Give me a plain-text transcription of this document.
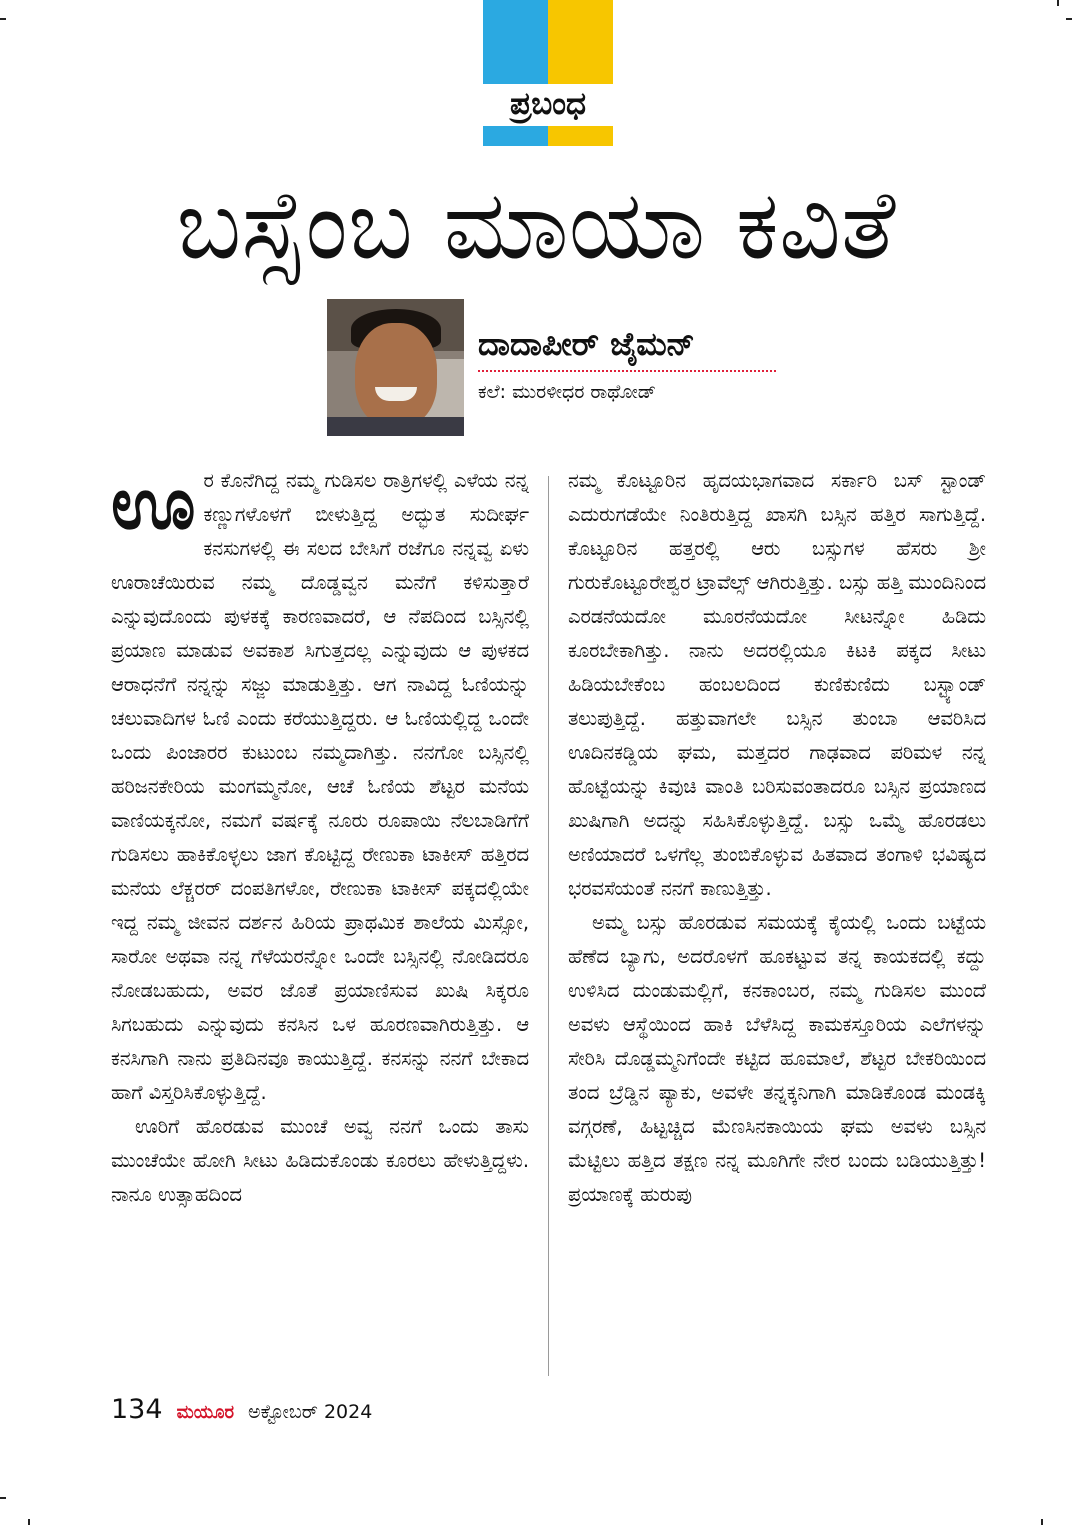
ಪ್ರಬಂಧ
ಬಸ್ಸೆಂಬ ಮಾಯಾ ಕವಿತೆ
ದಾದಾಪೀರ್ ಜೈಮನ್
ಕಲೆ: ಮುರಳೀಧರ ರಾಥೋಡ್

ಊರ ಕೊನೆಗಿದ್ದ ನಮ್ಮ ಗುಡಿಸಲ ರಾತ್ರಿಗಳಲ್ಲಿ ಎಳೆಯ ನನ್ನ ಕಣ್ಣುಗಳೊಳಗೆ ಬೀಳುತ್ತಿದ್ದ ಅದ್ಭುತ ಸುದೀರ್ಘ ಕನಸುಗಳಲ್ಲಿ ಈ ಸಲದ ಬೇಸಿಗೆ ರಜೆಗೂ ನನ್ನವ್ವ ಏಳು ಊರಾಚೆಯಿರುವ ನಮ್ಮ ದೊಡ್ಡವ್ವನ ಮನೆಗೆ ಕಳಿಸುತ್ತಾರೆ ಎನ್ನುವುದೊಂದು ಪುಳಕಕ್ಕೆ ಕಾರಣವಾದರೆ, ಆ ನೆಪದಿಂದ ಬಸ್ಸಿನಲ್ಲಿ ಪ್ರಯಾಣ ಮಾಡುವ ಅವಕಾಶ ಸಿಗುತ್ತದಲ್ಲ ಎನ್ನುವುದು ಆ ಪುಳಕದ ಆರಾಧನೆಗೆ ನನ್ನನ್ನು ಸಜ್ಜು ಮಾಡುತ್ತಿತ್ತು. ಆಗ ನಾವಿದ್ದ ಓಣಿಯನ್ನು ಚಲುವಾದಿಗಳ ಓಣಿ ಎಂದು ಕರೆಯುತ್ತಿದ್ದರು. ಆ ಓಣಿಯಲ್ಲಿದ್ದ ಒಂದೇ ಒಂದು ಪಿಂಜಾರರ ಕುಟುಂಬ ನಮ್ಮದಾಗಿತ್ತು. ನನಗೋ ಬಸ್ಸಿನಲ್ಲಿ ಹರಿಜನಕೇರಿಯ ಮಂಗಮ್ಮನೋ, ಆಚೆ ಓಣಿಯ ಶೆಟ್ಟರ ಮನೆಯ ವಾಣಿಯಕ್ಕನೋ, ನಮಗೆ ವರ್ಷಕ್ಕೆ ನೂರು ರೂಪಾಯಿ ನೆಲಬಾಡಿಗೆಗೆ ಗುಡಿಸಲು ಹಾಕಿಕೊಳ್ಳಲು ಜಾಗ ಕೊಟ್ಟಿದ್ದ ರೇಣುಕಾ ಟಾಕೀಸ್ ಹತ್ತಿರದ ಮನೆಯ ಲೆಕ್ಚರರ್ ದಂಪತಿಗಳೋ, ರೇಣುಕಾ ಟಾಕೀಸ್ ಪಕ್ಕದಲ್ಲಿಯೇ ಇದ್ದ ನಮ್ಮ ಜೀವನ ದರ್ಶನ ಹಿರಿಯ ಪ್ರಾಥಮಿಕ ಶಾಲೆಯ ಮಿಸ್ಸೋ, ಸಾರೋ ಅಥವಾ ನನ್ನ ಗೆಳೆಯರನ್ನೋ ಒಂದೇ ಬಸ್ಸಿನಲ್ಲಿ ನೋಡಿದರೂ ನೋಡಬಹುದು, ಅವರ ಜೊತೆ ಪ್ರಯಾಣಿಸುವ ಖುಷಿ ಸಿಕ್ಕರೂ ಸಿಗಬಹುದು ಎನ್ನುವುದು ಕನಸಿನ ಒಳ ಹೂರಣವಾಗಿರುತ್ತಿತ್ತು. ಆ ಕನಸಿಗಾಗಿ ನಾನು ಪ್ರತಿದಿನವೂ ಕಾಯುತ್ತಿದ್ದೆ. ಕನಸನ್ನು ನನಗೆ ಬೇಕಾದ ಹಾಗೆ ವಿಸ್ತರಿಸಿಕೊಳ್ಳುತ್ತಿದ್ದೆ.

ಊರಿಗೆ ಹೊರಡುವ ಮುಂಚೆ ಅವ್ವ ನನಗೆ ಒಂದು ತಾಸು ಮುಂಚೆಯೇ ಹೋಗಿ ಸೀಟು ಹಿಡಿದುಕೊಂಡು ಕೂರಲು ಹೇಳುತ್ತಿದ್ದಳು. ನಾನೂ ಉತ್ಸಾಹದಿಂದ

ನಮ್ಮ ಕೊಟ್ಟೂರಿನ ಹೃದಯಭಾಗವಾದ ಸರ್ಕಾರಿ ಬಸ್ ಸ್ಟಾಂಡ್ ಎದುರುಗಡೆಯೇ ನಿಂತಿರುತ್ತಿದ್ದ ಖಾಸಗಿ ಬಸ್ಸಿನ ಹತ್ತಿರ ಸಾಗುತ್ತಿದ್ದೆ. ಕೊಟ್ಟೂರಿನ ಹತ್ತರಲ್ಲಿ ಆರು ಬಸ್ಸುಗಳ ಹೆಸರು ಶ್ರೀ ಗುರುಕೊಟ್ಟೂರೇಶ್ವರ ಟ್ರಾವೆಲ್ಸ್ ಆಗಿರುತ್ತಿತ್ತು. ಬಸ್ಸು ಹತ್ತಿ ಮುಂದಿನಿಂದ ಎರಡನೆಯದೋ ಮೂರನೆಯದೋ ಸೀಟನ್ನೋ ಹಿಡಿದು ಕೂರಬೇಕಾಗಿತ್ತು. ನಾನು ಅದರಲ್ಲಿಯೂ ಕಿಟಕಿ ಪಕ್ಕದ ಸೀಟು ಹಿಡಿಯಬೇಕೆಂಬ ಹಂಬಲದಿಂದ ಕುಣಿಕುಣಿದು ಬಸ್ಟ್ಯಾಂಡ್ ತಲುಪುತ್ತಿದ್ದೆ. ಹತ್ತುವಾಗಲೇ ಬಸ್ಸಿನ ತುಂಬಾ ಆವರಿಸಿದ ಊದಿನಕಡ್ಡಿಯ ಘಮ, ಮತ್ತದರ ಗಾಢವಾದ ಪರಿಮಳ ನನ್ನ ಹೊಟ್ಟೆಯನ್ನು ಕಿವುಚಿ ವಾಂತಿ ಬರಿಸುವಂತಾದರೂ ಬಸ್ಸಿನ ಪ್ರಯಾಣದ ಖುಷಿಗಾಗಿ ಅದನ್ನು ಸಹಿಸಿಕೊಳ್ಳುತ್ತಿದ್ದೆ. ಬಸ್ಸು ಒಮ್ಮೆ ಹೊರಡಲು ಅಣಿಯಾದರೆ ಒಳಗೆಲ್ಲ ತುಂಬಿಕೊಳ್ಳುವ ಹಿತವಾದ ತಂಗಾಳಿ ಭವಿಷ್ಯದ ಭರವಸೆಯಂತೆ ನನಗೆ ಕಾಣುತ್ತಿತ್ತು.

ಅಮ್ಮ ಬಸ್ಸು ಹೊರಡುವ ಸಮಯಕ್ಕೆ ಕೈಯಲ್ಲಿ ಒಂದು ಬಟ್ಟೆಯ ಹೆಣೆದ ಬ್ಯಾಗು, ಅದರೊಳಗೆ ಹೂಕಟ್ಟುವ ತನ್ನ ಕಾಯಕದಲ್ಲಿ ಕದ್ದು ಉಳಿಸಿದ ದುಂಡುಮಲ್ಲಿಗೆ, ಕನಕಾಂಬರ, ನಮ್ಮ ಗುಡಿಸಲ ಮುಂದೆ ಅವಳು ಆಸ್ಥೆಯಿಂದ ಹಾಕಿ ಬೆಳೆಸಿದ್ದ ಕಾಮಕಸ್ತೂರಿಯ ಎಲೆಗಳನ್ನು ಸೇರಿಸಿ ದೊಡ್ಡಮ್ಮನಿಗೆಂದೇ ಕಟ್ಟಿದ ಹೂಮಾಲೆ, ಶೆಟ್ಟರ ಬೇಕರಿಯಿಂದ ತಂದ ಬ್ರೆಡ್ಡಿನ ಪ್ಯಾಕು, ಅವಳೇ ತನ್ನಕ್ಕನಿಗಾಗಿ ಮಾಡಿಕೊಂಡ ಮಂಡಕ್ಕಿ ವಗ್ಗರಣೆ, ಹಿಟ್ಟಚ್ಚಿದ ಮೆಣಸಿನಕಾಯಿಯ ಘಮ ಅವಳು ಬಸ್ಸಿನ ಮೆಟ್ಟಿಲು ಹತ್ತಿದ ತಕ್ಷಣ ನನ್ನ ಮೂಗಿಗೇ ನೇರ ಬಂದು ಬಡಿಯುತ್ತಿತ್ತು! ಪ್ರಯಾಣಕ್ಕೆ ಹುರುಪು

134 ಮಯೂರ ಅಕ್ಟೋಬರ್ 2024
